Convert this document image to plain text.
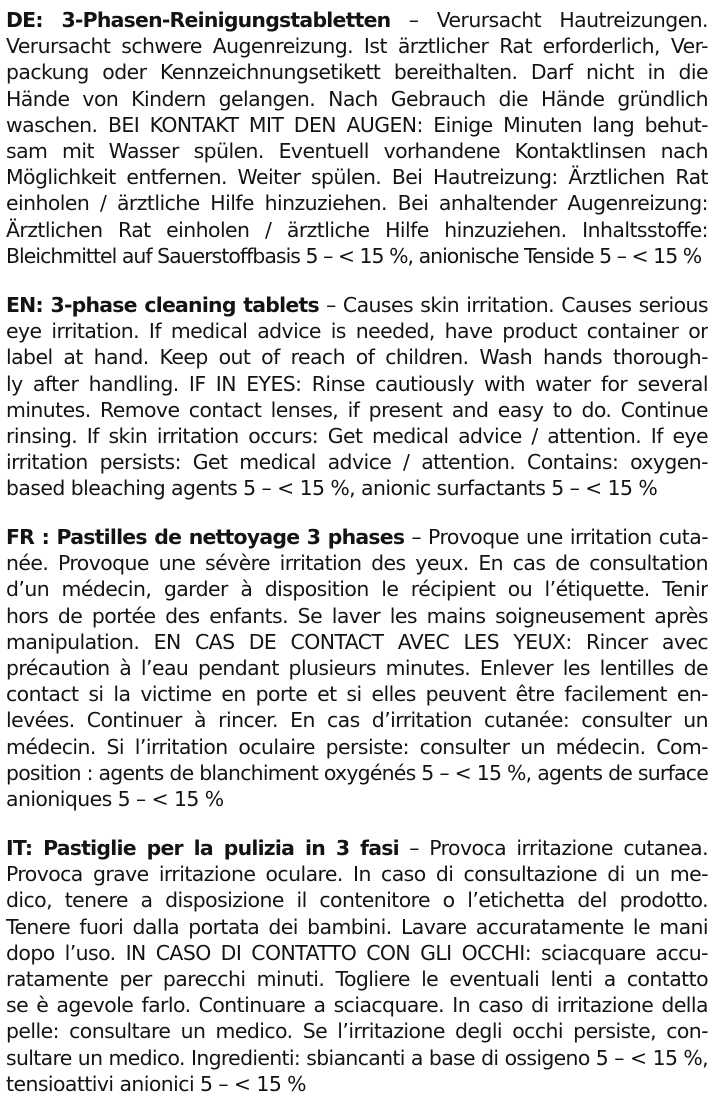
DE: 3-Phasen-Reinigungstabletten – Verursacht Hautreizungen.
Verursacht schwere Augenreizung. Ist ärztlicher Rat erforderlich, Ver-
packung oder Kennzeichnungsetikett bereithalten. Darf nicht in die
Hände von Kindern gelangen. Nach Gebrauch die Hände gründlich
waschen. BEI KONTAKT MIT DEN AUGEN: Einige Minuten lang behut-
sam mit Wasser spülen. Eventuell vorhandene Kontaktlinsen nach
Möglichkeit entfernen. Weiter spülen. Bei Hautreizung: Ärztlichen Rat
einholen / ärztliche Hilfe hinzuziehen. Bei anhaltender Augenreizung:
Ärztlichen Rat einholen / ärztliche Hilfe hinzuziehen. Inhaltsstoffe:
Bleichmittel auf Sauerstoffbasis 5 – < 15 %, anionische Tenside 5 – < 15 %
EN: 3-phase cleaning tablets – Causes skin irritation. Causes serious
eye irritation. If medical advice is needed, have product container or
label at hand. Keep out of reach of children. Wash hands thorough-
ly after handling. IF IN EYES: Rinse cautiously with water for several
minutes. Remove contact lenses, if present and easy to do. Continue
rinsing. If skin irritation occurs: Get medical advice / attention. If eye
irritation persists: Get medical advice / attention. Contains: oxygen-
based bleaching agents 5 – < 15 %, anionic surfactants 5 – < 15 %
FR : Pastilles de nettoyage 3 phases – Provoque une irritation cuta-
née. Provoque une sévère irritation des yeux. En cas de consultation
d’un médecin, garder à disposition le récipient ou l’étiquette. Tenir
hors de portée des enfants. Se laver les mains soigneusement après
manipulation. EN CAS DE CONTACT AVEC LES YEUX: Rincer avec
précaution à l’eau pendant plusieurs minutes. Enlever les lentilles de
contact si la victime en porte et si elles peuvent être facilement en-
levées. Continuer à rincer. En cas d’irritation cutanée: consulter un
médecin. Si l’irritation oculaire persiste: consulter un médecin. Com-
position : agents de blanchiment oxygénés 5 – < 15 %, agents de surface
anioniques 5 – < 15 %
IT: Pastiglie per la pulizia in 3 fasi – Provoca irritazione cutanea.
Provoca grave irritazione oculare. In caso di consultazione di un me-
dico, tenere a disposizione il contenitore o l’etichetta del prodotto.
Tenere fuori dalla portata dei bambini. Lavare accuratamente le mani
dopo l’uso. IN CASO DI CONTATTO CON GLI OCCHI: sciacquare accu-
ratamente per parecchi minuti. Togliere le eventuali lenti a contatto
se è agevole farlo. Continuare a sciacquare. In caso di irritazione della
pelle: consultare un medico. Se l’irritazione degli occhi persiste, con-
sultare un medico. Ingredienti: sbiancanti a base di ossigeno 5 – < 15 %,
tensioattivi anionici 5 – < 15 %
